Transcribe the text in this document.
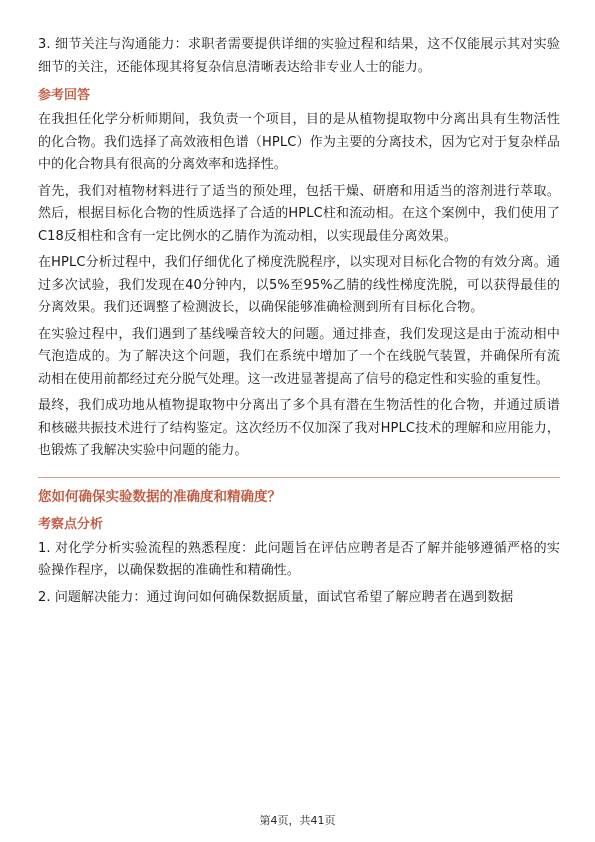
3. 细节关注与沟通能力：求职者需要提供详细的实验过程和结果，这不仅能展示其对实验细节的关注，还能体现其将复杂信息清晰表达给非专业人士的能力。

参考回答

在我担任化学分析师期间，我负责一个项目，目的是从植物提取物中分离出具有生物活性的化合物。我们选择了高效液相色谱（HPLC）作为主要的分离技术，因为它对于复杂样品中的化合物具有很高的分离效率和选择性。

首先，我们对植物材料进行了适当的预处理，包括干燥、研磨和用适当的溶剂进行萃取。然后，根据目标化合物的性质选择了合适的HPLC柱和流动相。在这个案例中，我们使用了C18反相柱和含有一定比例水的乙腈作为流动相，以实现最佳分离效果。

在HPLC分析过程中，我们仔细优化了梯度洗脱程序，以实现对目标化合物的有效分离。通过多次试验，我们发现在40分钟内，以5%至95%乙腈的线性梯度洗脱，可以获得最佳的分离效果。我们还调整了检测波长，以确保能够准确检测到所有目标化合物。

在实验过程中，我们遇到了基线噪音较大的问题。通过排查，我们发现这是由于流动相中气泡造成的。为了解决这个问题，我们在系统中增加了一个在线脱气装置，并确保所有流动相在使用前都经过充分脱气处理。这一改进显著提高了信号的稳定性和实验的重复性。

最终，我们成功地从植物提取物中分离出了多个具有潜在生物活性的化合物，并通过质谱和核磁共振技术进行了结构鉴定。这次经历不仅加深了我对HPLC技术的理解和应用能力，也锻炼了我解决实验中问题的能力。

您如何确保实验数据的准确度和精确度？
考察点分析

1. 对化学分析实验流程的熟悉程度：此问题旨在评估应聘者是否了解并能够遵循严格的实验操作程序，以确保数据的准确性和精确性。

2. 问题解决能力：通过询问如何确保数据质量，面试官希望了解应聘者在遇到数据

第4页，共41页
